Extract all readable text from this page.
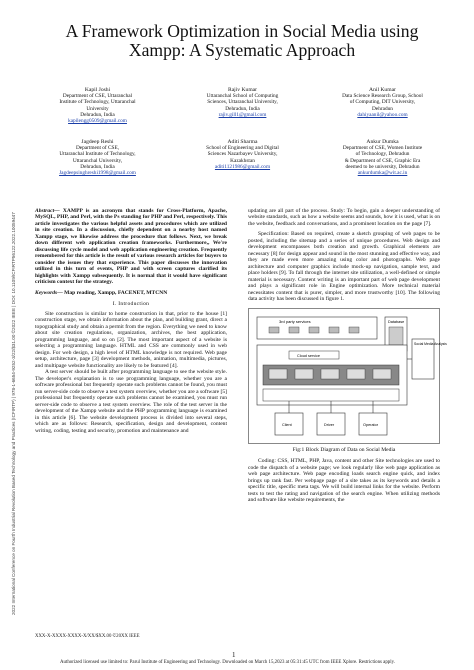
2022 International Conference on Fourth Industrial Revolution Based Technology and Practices (ICFIRTP) | 978-1-6654-9252-3/22/$31.00 ©2022 IEEE | DOI: 10.1109/ICFIRTP56122.2022.10059447
A Framework Optimization in Social Media using
Xampp: A Systematic Approach
Kapil Joshi
Department of CSE, Uttaranchal
Institute of Technology, Uttaranchal
University
Dehradun, India
kapilengg0509@gmail.com
Rajiv Kumar
Uttaranchal School of Computing
Sciences, Uttaranchal University,
Dehradun, India
rajiv.gill1@gmail.com
Anil Kumar
Data Science Research Group, School
of Computing, DIT University,
Dehradun
dahiyaanil@yahoo.com
Jagdeep Reshi
Department of CSE,
Uttaranchal Institute of Technology,
Uttaranchal University,
Dehradun, India
Jagdeepsinghreshi1998@gmail.com
Aditi Sharma
School of Engineering and Digital
Sciences Nazarbayev University,
Kazakhstan
aditi1121986@gmail.com
Ankur Dumka
Department of CSE, Women Institute
of Technology, Dehradun
& Department of CSE, Graphic Era
deemed to be university, Dehradun
ankurdumka@wit.ac.in

Abstract— XAMPP is an acronym that stands for Cross-Platform, Apache, MySQL, PHP, and Perl, with the Ps standing for PHP and Perl, respectively. This article investigates the various helpful assets and procedures which are utilized in site creation. In a discussion, chiefly dependent on a nearby host named Xampp stage, we likewise address the procedure that follows. Next, we break down different web application creation frameworks. Furthermore,, We're discussing life cycle model and web application engineering creation. Frequently remembered for this article is the result of various research articles for buyers to consider the issues they that experience. This paper discusses the innovation utilized in this turn of events, PHP and with screen captures clarified its highlights with Xampp subsequently. It is normal that it would have significant criticism context for the strategy.

Keywords— Map reading, Xampp, FACENET, MTCNN

I. Introduction

Site construction is similar to home construction in that, prior to the house [1] construction stage, we obtain information about the plan, and building grant, direct a topographical study and obtain a permit from the region. Everything we need to know about site creation regulations, organization, archives, the best application, programming language, and so on [2]. The most important aspect of a website is selecting a programming language. HTML and CSS are commonly used in web design. For web design, a high level of HTML knowledge is not required. Web page setup, architecture, page [3] development methods, animation, multimedia, pictures, and multipage website functionality are likely to be featured [4].

A test server should be built after programming language to see the website style. The developer's explanation is to use programming language, whether you are a software professional but frequently operate such problems cannot be found, you must run server-side code to observe a test system overview, whether you are a software [5] professional but frequently operate such problems cannot be examined, you must run server-side code to observe a test system overview. The role of the test server in the development of the Xampp website and the PHP programming language is examined in this article [6]. The website development process is divided into several steps, which are as follows: Research, specification, design and development, content writing, coding, testing and security, promotion and maintenance and

updating are all part of the process. Study: To begin, gain a deeper understanding of website standards, such as how a website seems and sounds, how it is used, what is on the website, feedback and conversations, and a prominent location on the page [7].

Specification: Based on required, create a sketch grouping of web pages to be posted, including the sitemap and a series of unique procedures. Web design and development encompasses both creation and growth. Graphical elements are necessary [8] for design appear and sound in the most stunning and effective way, and they are made even more amazing using color and photographs. Web page architecture and computer graphics include mock-up navigation, sample text, and place holders [9]. To fall through the internet site utilization, a well-defined or simple material is necessary. Content writing is an important part of web page development and plays a significant role in Engine optimization. More technical material necessitates content that is purer, simpler, and more trustworthy [10]. The following data activity has been discussed in figure 1.

3rd party services	Database
Social Media Analysis
Cloud service
Client	Driver	Operator
Fig:1 Block Diagram of Data on Social Media

Coding: CSS, HTML, PHP, Java, content and other Site technologies are used to code the dispatch of a website page; we look regularly like web page application as web page architecture. Web page encoding loads search engine quick, and index brings up rank fast. Per webpage page of a site takes as its keywords and details a specific title, specific meta tags. We will build internal links for the website. Perform tests to test the rating and navigation of the search engine. When utilizing methods and software like website requirements, the

XXX-X-XXXX-XXXX-X/XX/$XX.00 ©20XX IEEE
1
Authorized licensed use limited to: Parul Institute of Engineering and Technology. Downloaded on March 15,2023 at 05:31:45 UTC from IEEE Xplore. Restrictions apply.
